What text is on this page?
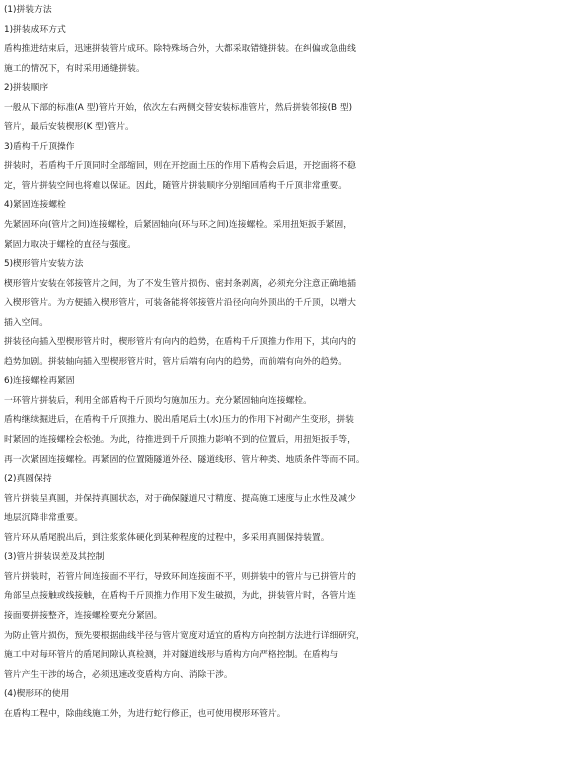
(1)拼装方法
1)拼装成环方式
盾构推进结束后，迅速拼装管片成环。除特殊场合外，大都采取错缝拼装。在纠偏或急曲线
施工的情况下，有时采用通缝拼装。
2)拼装顺序
一般从下部的标准(A 型)管片开始，依次左右两侧交替安装标准管片，然后拼装邻接(B 型)
管片，最后安装楔形(K 型)管片。
3)盾构千斤顶操作
拼装时，若盾构千斤顶同时全部缩回，则在开挖面土压的作用下盾构会后退，开挖面将不稳
定，管片拼装空间也将难以保证。因此，随管片拼装顺序分别缩回盾构千斤顶非常重要。
4)紧固连接螺栓
先紧固环向(管片之间)连接螺栓，后紧固轴向(环与环之间)连接螺栓。采用扭矩扳手紧固，
紧固力取决于螺栓的直径与强度。
5)楔形管片安装方法
楔形管片安装在邻接管片之间，为了不发生管片损伤、密封条剥离，必须充分注意正确地插
入楔形管片。为方便插入楔形管片，可装备能将邻接管片沿径向向外顶出的千斤顶，以增大
插入空间。
拼装径向插入型楔形管片时，楔形管片有向内的趋势，在盾构千斤顶推力作用下，其向内的
趋势加剧。拼装轴向插入型楔形管片时，管片后端有向内的趋势，而前端有向外的趋势。
6)连接螺栓再紧固
一环管片拼装后，利用全部盾构千斤顶均匀施加压力。充分紧固轴向连接螺栓。
盾构继续掘进后，在盾构千斤顶推力、脱出盾尾后土(水)压力的作用下衬砌产生变形，拼装
时紧固的连接螺栓会松弛。为此，待推进到千斤顶推力影响不到的位置后，用扭矩扳手等，
再一次紧固连接螺栓。再紧固的位置随隧道外径、隧道线形、管片种类、地质条件等而不同。
(2)真圆保持
管片拼装呈真圆，并保持真圆状态，对于确保隧道尺寸精度、提高施工速度与止水性及减少
地层沉降非常重要。
管片环从盾尾脱出后，到注浆浆体硬化到某种程度的过程中，多采用真圆保持装置。
(3)管片拼装误差及其控制
管片拼装时，若管片间连接面不平行，导致环间连接面不平，则拼装中的管片与已拼管片的
角部呈点接触或线接触，在盾构千斤顶推力作用下发生破损，为此，拼装管片时，各管片连
接面要拼接整齐，连接螺栓要充分紧固。
为防止管片损伤，预先要根据曲线半径与管片宽度对适宜的盾构方向控制方法进行详细研究，
施工中对每环管片的盾尾间隙认真检测，并对隧道线形与盾构方向严格控制。在盾构与
管片产生干涉的场合，必须迅速改变盾构方向、消除干涉。
(4)楔形环的使用
在盾构工程中，除曲线施工外，为进行蛇行修正，也可使用楔形环管片。
